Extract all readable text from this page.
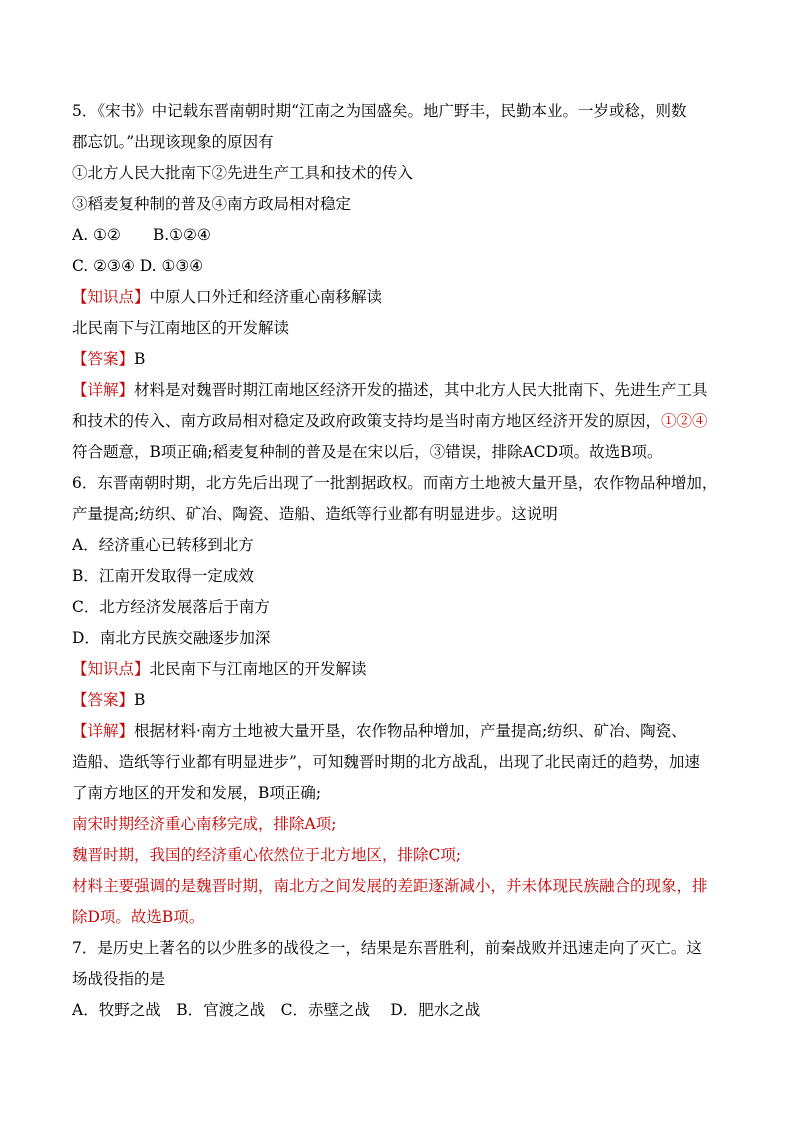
5．《宋书》中记载东晋南朝时期“江南之为国盛矣。地广野丰，民勤本业。一岁或稔，则数
郡忘饥。”出现该现象的原因有
①北方人民大批南下②先进生产工具和技术的传入
③稻麦复种制的普及④南方政局相对稳定
A. ①② B.①②④
C. ②③④ D. ①③④
【知识点】中原人口外迁和经济重心南移解读
北民南下与江南地区的开发解读
【答案】B
【详解】材料是对魏晋时期江南地区经济开发的描述，其中北方人民大批南下、先进生产工具
和技术的传入、南方政局相对稳定及政府政策支持均是当时南方地区经济开发的原因，①②④
符合题意，B项正确;稻麦复种制的普及是在宋以后，③错误，排除ACD项。故选B项。
6．东晋南朝时期，北方先后出现了一批割据政权。而南方土地被大量开垦，农作物品种增加，
产量提高;纺织、矿冶、陶瓷、造船、造纸等行业都有明显进步。这说明
A．经济重心已转移到北方
B．江南开发取得一定成效
C．北方经济发展落后于南方
D．南北方民族交融逐步加深
【知识点】北民南下与江南地区的开发解读
【答案】B
【详解】根据材料·南方土地被大量开垦，农作物品种增加，产量提高;纺织、矿冶、陶瓷、
造船、造纸等行业都有明显进步”，可知魏晋时期的北方战乱，出现了北民南迁的趋势，加速
了南方地区的开发和发展，B项正确;
南宋时期经济重心南移完成，排除A项;
魏晋时期，我国的经济重心依然位于北方地区，排除C项;
材料主要强调的是魏晋时期，南北方之间发展的差距逐渐减小，并未体现民族融合的现象，排
除D项。故选B项。
7．是历史上著名的以少胜多的战役之一，结果是东晋胜利，前秦战败并迅速走向了灭亡。这
场战役指的是
A．牧野之战　B．官渡之战　C．赤壁之战　 D．肥水之战
